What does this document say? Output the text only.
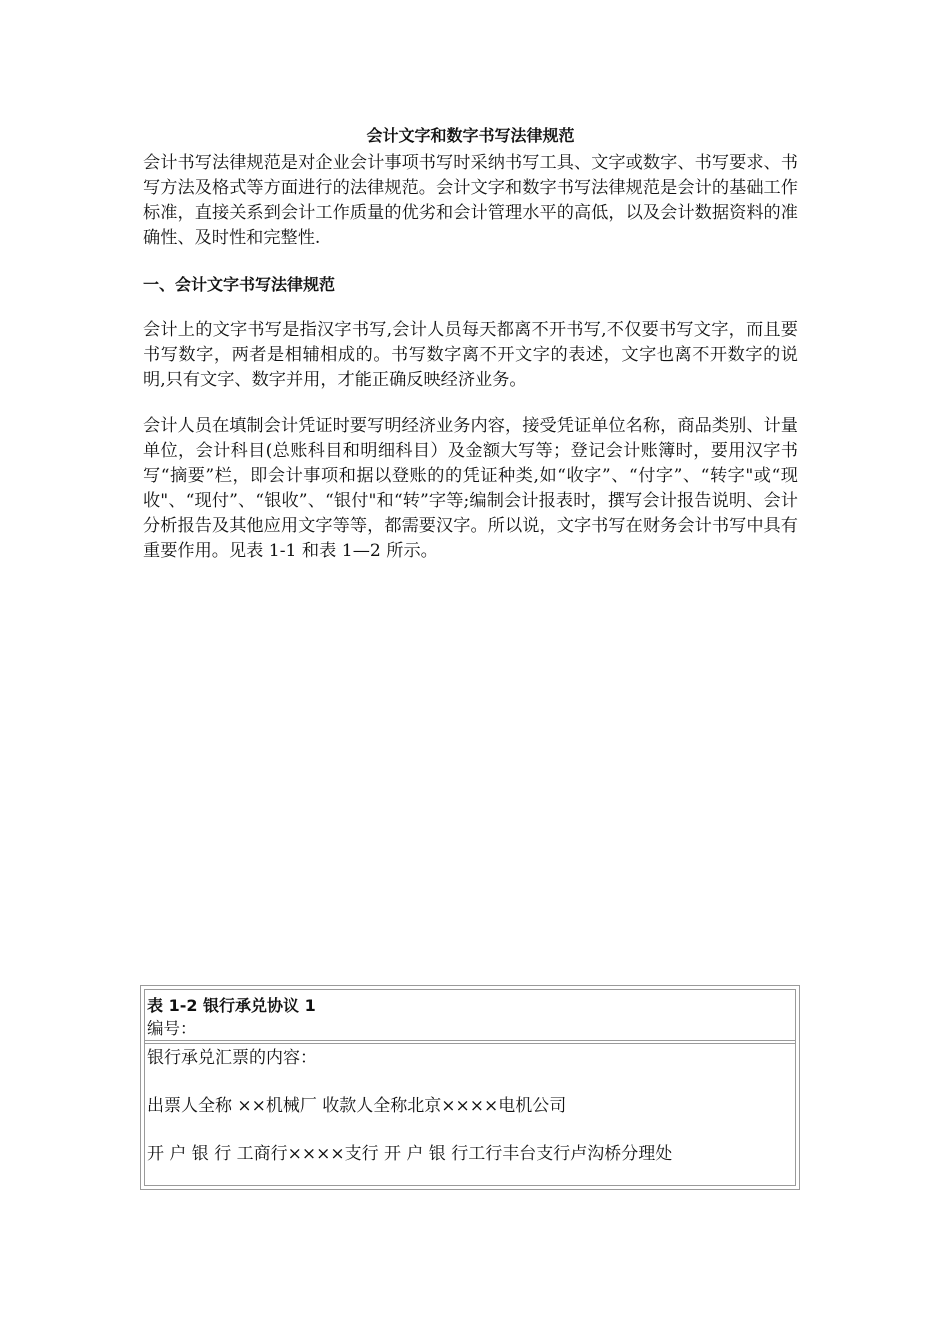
会计文字和数字书写法律规范

会计书写法律规范是对企业会计事项书写时采纳书写工具、文字或数字、书写要求、书写方法及格式等方面进行的法律规范。会计文字和数字书写法律规范是会计的基础工作标准，直接关系到会计工作质量的优劣和会计管理水平的高低，以及会计数据资料的准确性、及时性和完整性.

一、会计文字书写法律规范

会计上的文字书写是指汉字书写,会计人员每天都离不开书写,不仅要书写文字，而且要书写数字，两者是相辅相成的。书写数字离不开文字的表述，文字也离不开数字的说明,只有文字、数字并用，才能正确反映经济业务。

会计人员在填制会计凭证时要写明经济业务内容，接受凭证单位名称，商品类别、计量单位，会计科目(总账科目和明细科目）及金额大写等；登记会计账簿时，要用汉字书写“摘要”栏，即会计事项和据以登账的的凭证种类,如“收字”、“付字”、“转字"或“现收"、“现付”、“银收”、“银付"和“转”字等;编制会计报表时，撰写会计报告说明、会计分析报告及其他应用文字等等，都需要汉字。所以说，文字书写在财务会计书写中具有重要作用。见表 1-1 和表 1—2 所示。

表 1-2 银行承兑协议 1
编号：
银行承兑汇票的内容：
出票人全称 ××机械厂 收款人全称北京××××电机公司
开 户 银 行 工商行××××支行 开 户 银 行工行丰台支行卢沟桥分理处
